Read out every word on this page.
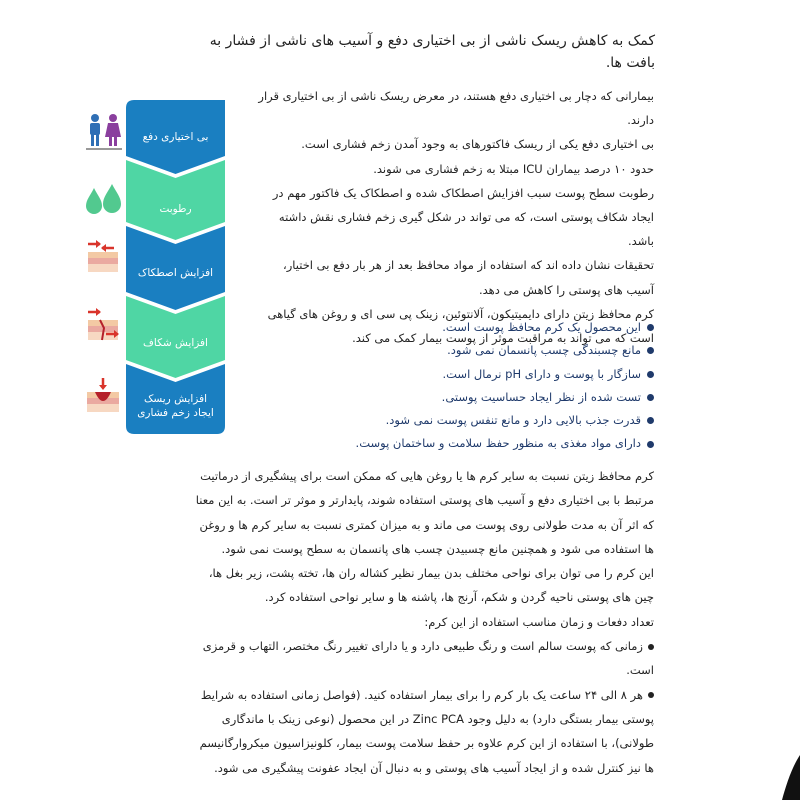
کمک به کاهش ریسک ناشی از بی اختیاری دفع و آسیب های ناشی از فشار به بافت ها.

بیمارانی که دچار بی اختیاری دفع هستند، در معرض ریسک ناشی از بی اختیاری قرار دارند.

بی اختیاری دفع یکی از ریسک فاکتورهای به وجود آمدن زخم فشاری است.

حدود ۱۰ درصد بیماران ICU مبتلا به زخم فشاری می شوند.

رطوبت سطح پوست سبب افزایش اصطکاک شده و اصطکاک یک فاکتور مهم در ایجاد شکاف پوستی است، که می تواند در شکل گیری زخم فشاری نقش داشته باشد.

تحقیقات نشان داده اند که استفاده از مواد محافظ بعد از هر بار دفع بی اختیار، آسیب های پوستی را کاهش می دهد.

کرم محافظ زیتن دارای دایمیتیکون، آلانتوئین، زینک پی سی ای و روغن های گیاهی است که می تواند به مراقبت موثر از پوست بیمار کمک می کند.

این محصول یک کرم محافظ پوست است.
مانع چسبندگی چسب پانسمان نمی شود.
سازگار با پوست و دارای pH نرمال است.
تست شده از نظر ایجاد حساسیت پوستی.
قدرت جذب بالایی دارد و مانع تنفس پوست نمی شود.
دارای مواد مغذی به منظور حفظ سلامت و ساختمان پوست.

کرم محافظ زیتن نسبت به سایر کرم ها یا روغن هایی که ممکن است برای پیشگیری از درماتیت مرتبط با بی اختیاری دفع و آسیب های پوستی استفاده شوند، پایدارتر و موثر تر است. به این معنا که اثر آن به مدت طولانی روی پوست می ماند و به میزان کمتری نسبت به سایر کرم ها و روغن ها استفاده می شود و همچنین مانع چسبیدن چسب های پانسمان به سطح پوست نمی شود.

این کرم را می توان برای نواحی مختلف بدن بیمار نظیر کشاله ران ها، تخته پشت، زیر بغل ها، چین های پوستی ناحیه گردن و شکم، آرنج ها، پاشنه ها و سایر نواحی استفاده کرد.

تعداد دفعات و زمان مناسب استفاده از این کرم:

زمانی که پوست سالم است و رنگ طبیعی دارد و یا دارای تغییر رنگ مختصر، التهاب و قرمزی است.

هر ۸ الی ۲۴ ساعت یک بار کرم را برای بیمار استفاده کنید. (فواصل زمانی استفاده به شرایط پوستی بیمار بستگی دارد) به دلیل وجود Zinc PCA در این محصول (نوعی زینک با ماندگاری طولانی)، با استفاده از این کرم علاوه بر حفظ سلامت پوست بیمار، کلونیزاسیون میکروارگانیسم ها نیز کنترل شده و از ایجاد آسیب های پوستی و به دنبال آن ایجاد عفونت پیشگیری می شود.

بی اختیاری دفع
رطوبت
افزایش اصطکاک
افزایش شکاف
افزایش ریسک
ایجاد زخم فشاری
